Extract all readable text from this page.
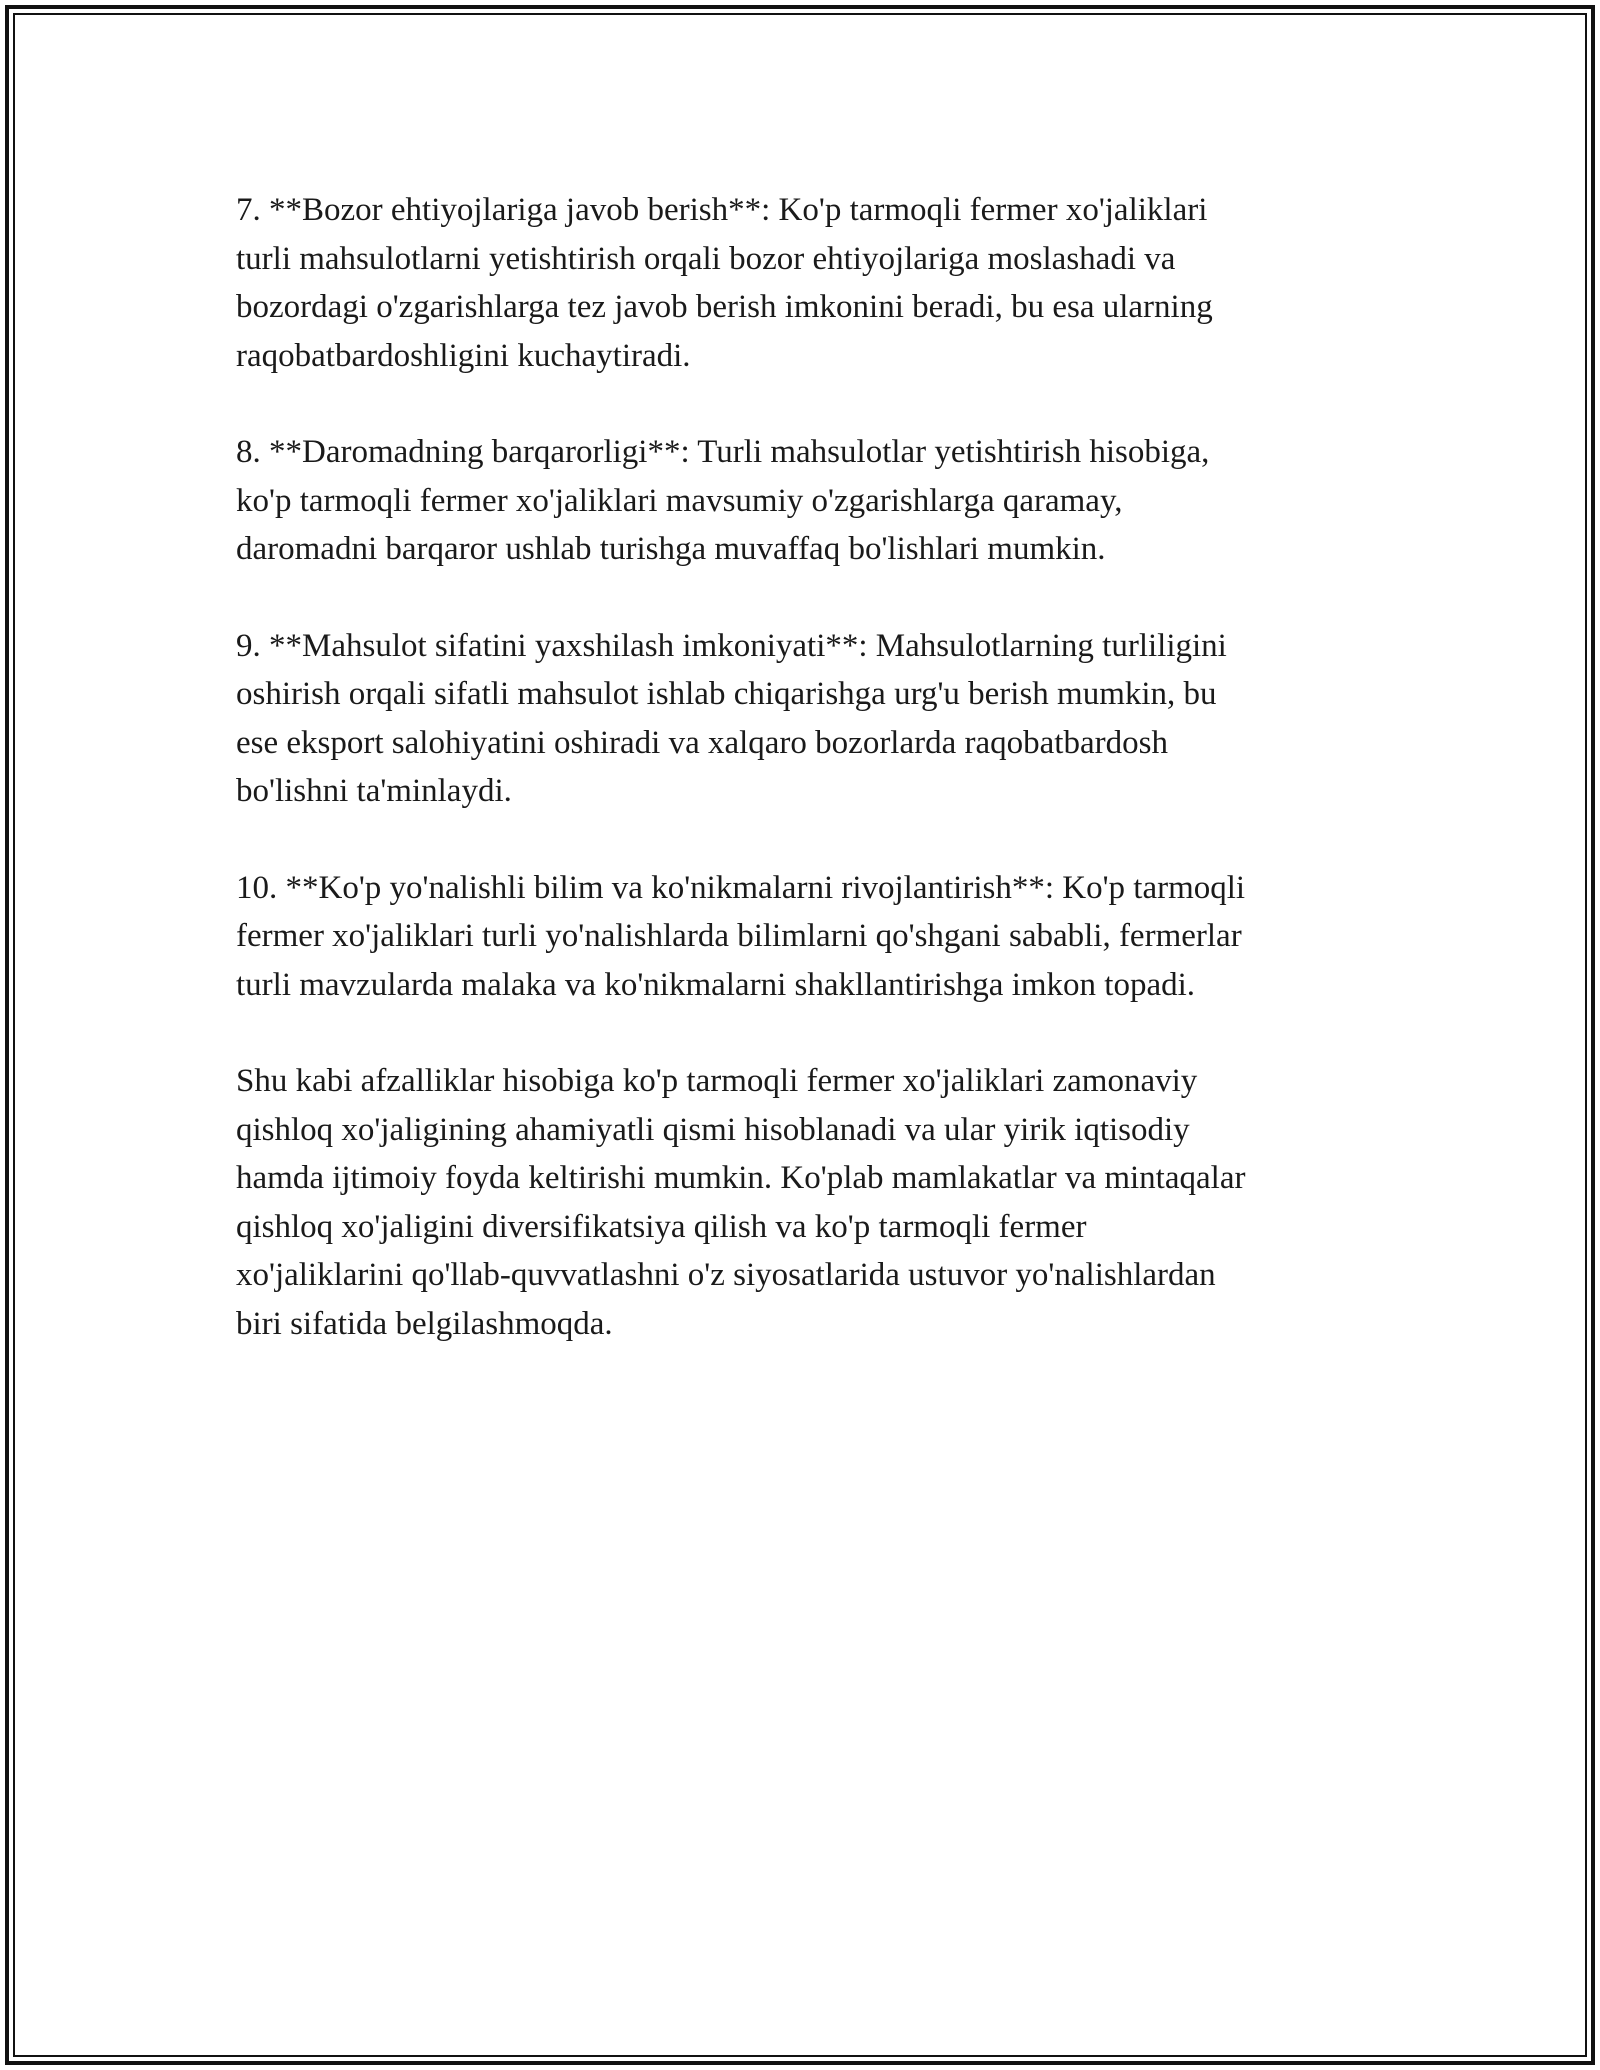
7. **Bozor ehtiyojlariga javob berish**: Ko'p tarmoqli fermer xo'jaliklari
turli mahsulotlarni yetishtirish orqali bozor ehtiyojlariga moslashadi va
bozordagi o'zgarishlarga tez javob berish imkonini beradi, bu esa ularning
raqobatbardoshligini kuchaytiradi.

8. **Daromadning barqarorligi**: Turli mahsulotlar yetishtirish hisobiga,
ko'p tarmoqli fermer xo'jaliklari mavsumiy o'zgarishlarga qaramay,
daromadni barqaror ushlab turishga muvaffaq bo'lishlari mumkin.

9. **Mahsulot sifatini yaxshilash imkoniyati**: Mahsulotlarning turliligini
oshirish orqali sifatli mahsulot ishlab chiqarishga urg'u berish mumkin, bu
ese eksport salohiyatini oshiradi va xalqaro bozorlarda raqobatbardosh
bo'lishni ta'minlaydi.

10. **Ko'p yo'nalishli bilim va ko'nikmalarni rivojlantirish**: Ko'p tarmoqli
fermer xo'jaliklari turli yo'nalishlarda bilimlarni qo'shgani sababli, fermerlar
turli mavzularda malaka va ko'nikmalarni shakllantirishga imkon topadi.

Shu kabi afzalliklar hisobiga ko'p tarmoqli fermer xo'jaliklari zamonaviy
qishloq xo'jaligining ahamiyatli qismi hisoblanadi va ular yirik iqtisodiy
hamda ijtimoiy foyda keltirishi mumkin. Ko'plab mamlakatlar va mintaqalar
qishloq xo'jaligini diversifikatsiya qilish va ko'p tarmoqli fermer
xo'jaliklarini qo'llab-quvvatlashni o'z siyosatlarida ustuvor yo'nalishlardan
biri sifatida belgilashmoqda.
